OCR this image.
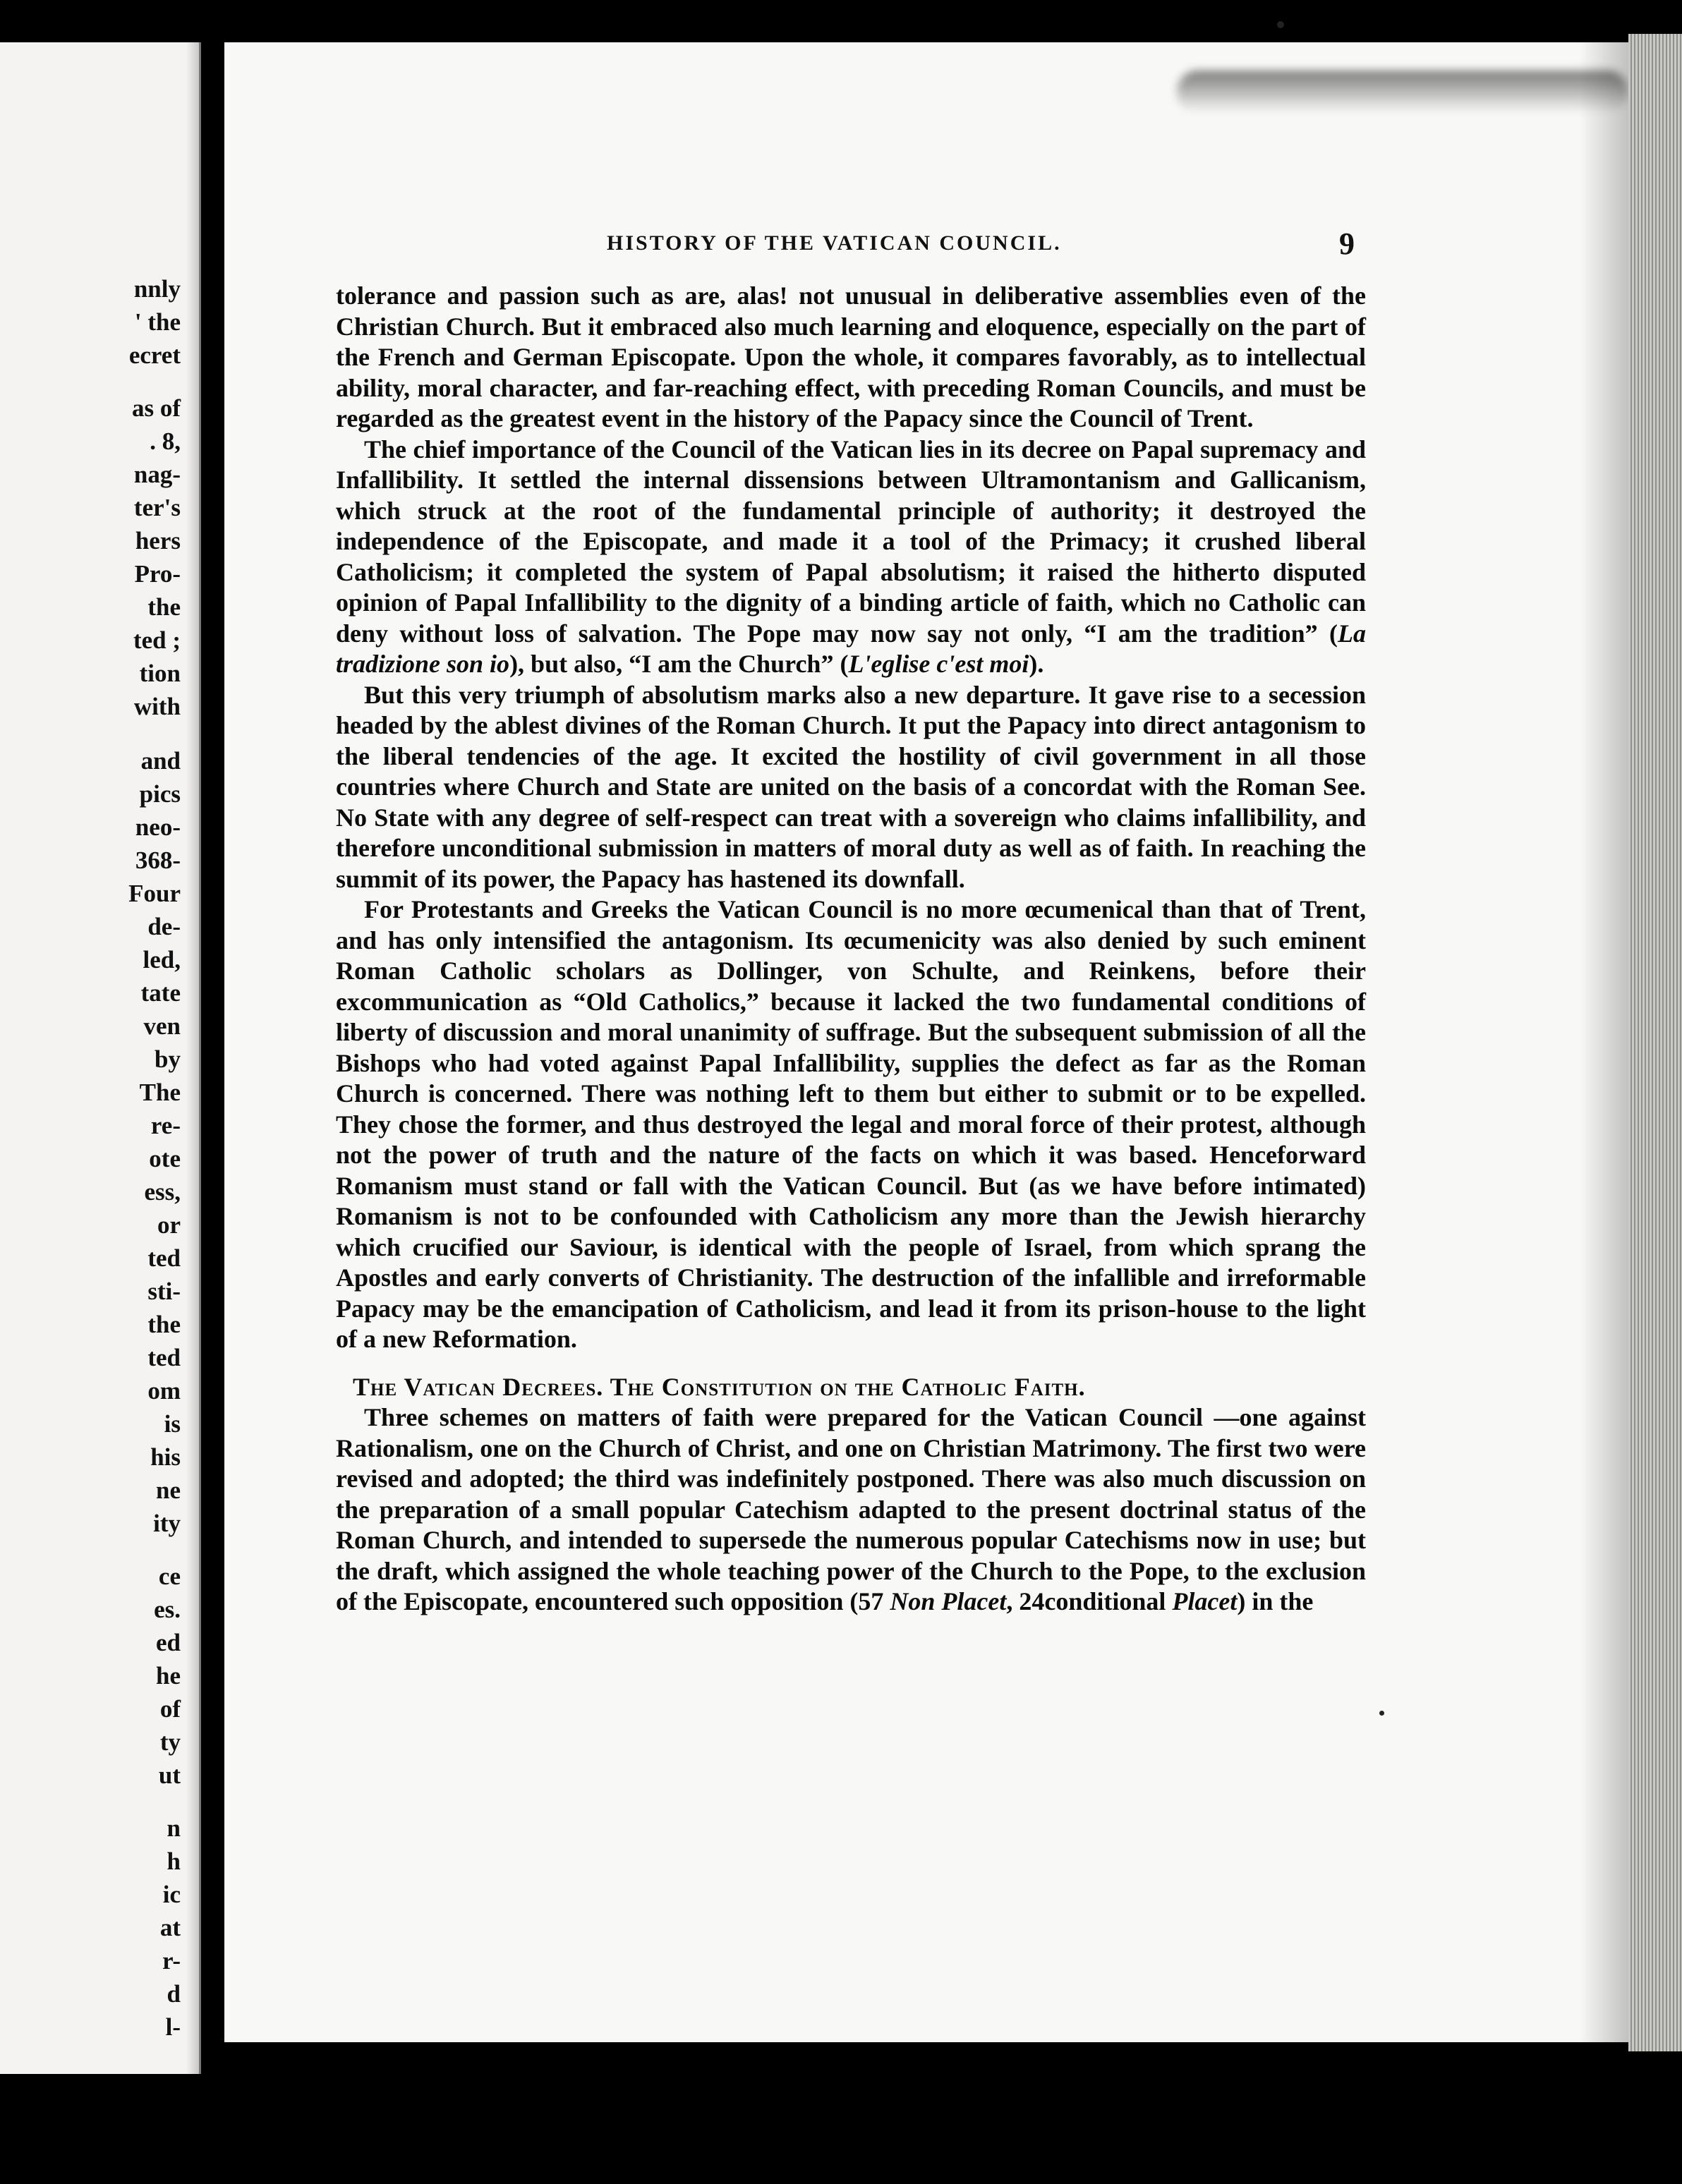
nnly
' the
ecret
as of
. 8,
nag-
ter's
hers
Pro-
the
ted ;
tion
with
and
pics
neo-
368-
Four
de-
led,
tate
ven
by
The
re-
ote
ess,
or
ted
sti-
the
ted
om
is
his
ne
ity
ce
es.
ed
he
of
ty
ut
n
h
ic
at
r-
d
l-
HISTORY OF THE VATICAN COUNCIL.	9

tolerance and passion such as are, alas! not unusual in deliberative assemblies even of the Christian Church. But it embraced also much learning and eloquence, especially on the part of the French and German Episcopate. Upon the whole, it compares favorably, as to intellectual ability, moral character, and far-reaching effect, with preceding Roman Councils, and must be regarded as the greatest event in the history of the Papacy since the Council of Trent.

The chief importance of the Council of the Vatican lies in its decree on Papal supremacy and Infallibility. It settled the internal dissensions between Ultramontanism and Gallicanism, which struck at the root of the fundamental principle of authority; it destroyed the independence of the Episcopate, and made it a tool of the Primacy; it crushed liberal Catholicism; it completed the system of Papal absolutism; it raised the hitherto disputed opinion of Papal Infallibility to the dignity of a binding article of faith, which no Catholic can deny without loss of salvation. The Pope may now say not only, “I am the tradition” (La tradizione son io), but also, “I am the Church” (L'eglise c'est moi).

But this very triumph of absolutism marks also a new departure. It gave rise to a secession headed by the ablest divines of the Roman Church. It put the Papacy into direct antagonism to the liberal tendencies of the age. It excited the hostility of civil government in all those countries where Church and State are united on the basis of a concordat with the Roman See. No State with any degree of self-respect can treat with a sovereign who claims infallibility, and therefore unconditional submission in matters of moral duty as well as of faith. In reaching the summit of its power, the Papacy has hastened its downfall.

For Protestants and Greeks the Vatican Council is no more œcumenical than that of Trent, and has only intensified the antagonism. Its œcumenicity was also denied by such eminent Roman Catholic scholars as Dollinger, von Schulte, and Reinkens, before their excommunication as “Old Catholics,” because it lacked the two fundamental conditions of liberty of discussion and moral unanimity of suffrage. But the subsequent submission of all the Bishops who had voted against Papal Infallibility, supplies the defect as far as the Roman Church is concerned. There was nothing left to them but either to submit or to be expelled. They chose the former, and thus destroyed the legal and moral force of their protest, although not the power of truth and the nature of the facts on which it was based. Henceforward Romanism must stand or fall with the Vatican Council. But (as we have before intimated) Romanism is not to be confounded with Catholicism any more than the Jewish hierarchy which crucified our Saviour, is identical with the people of Israel, from which sprang the Apostles and early converts of Christianity. The destruction of the infallible and irreformable Papacy may be the emancipation of Catholicism, and lead it from its prison-house to the light of a new Reformation.

The Vatican Decrees. The Constitution on the Catholic Faith.

Three schemes on matters of faith were prepared for the Vatican Council —one against Rationalism, one on the Church of Christ, and one on Christian Matrimony. The first two were revised and adopted; the third was indefinitely postponed. There was also much discussion on the preparation of a small popular Catechism adapted to the present doctrinal status of the Roman Church, and intended to supersede the numerous popular Catechisms now in use; but the draft, which assigned the whole teaching power of the Church to the Pope, to the exclusion of the Episcopate, encountered such opposition (57 Non Placet, 24conditional Placet) in the
